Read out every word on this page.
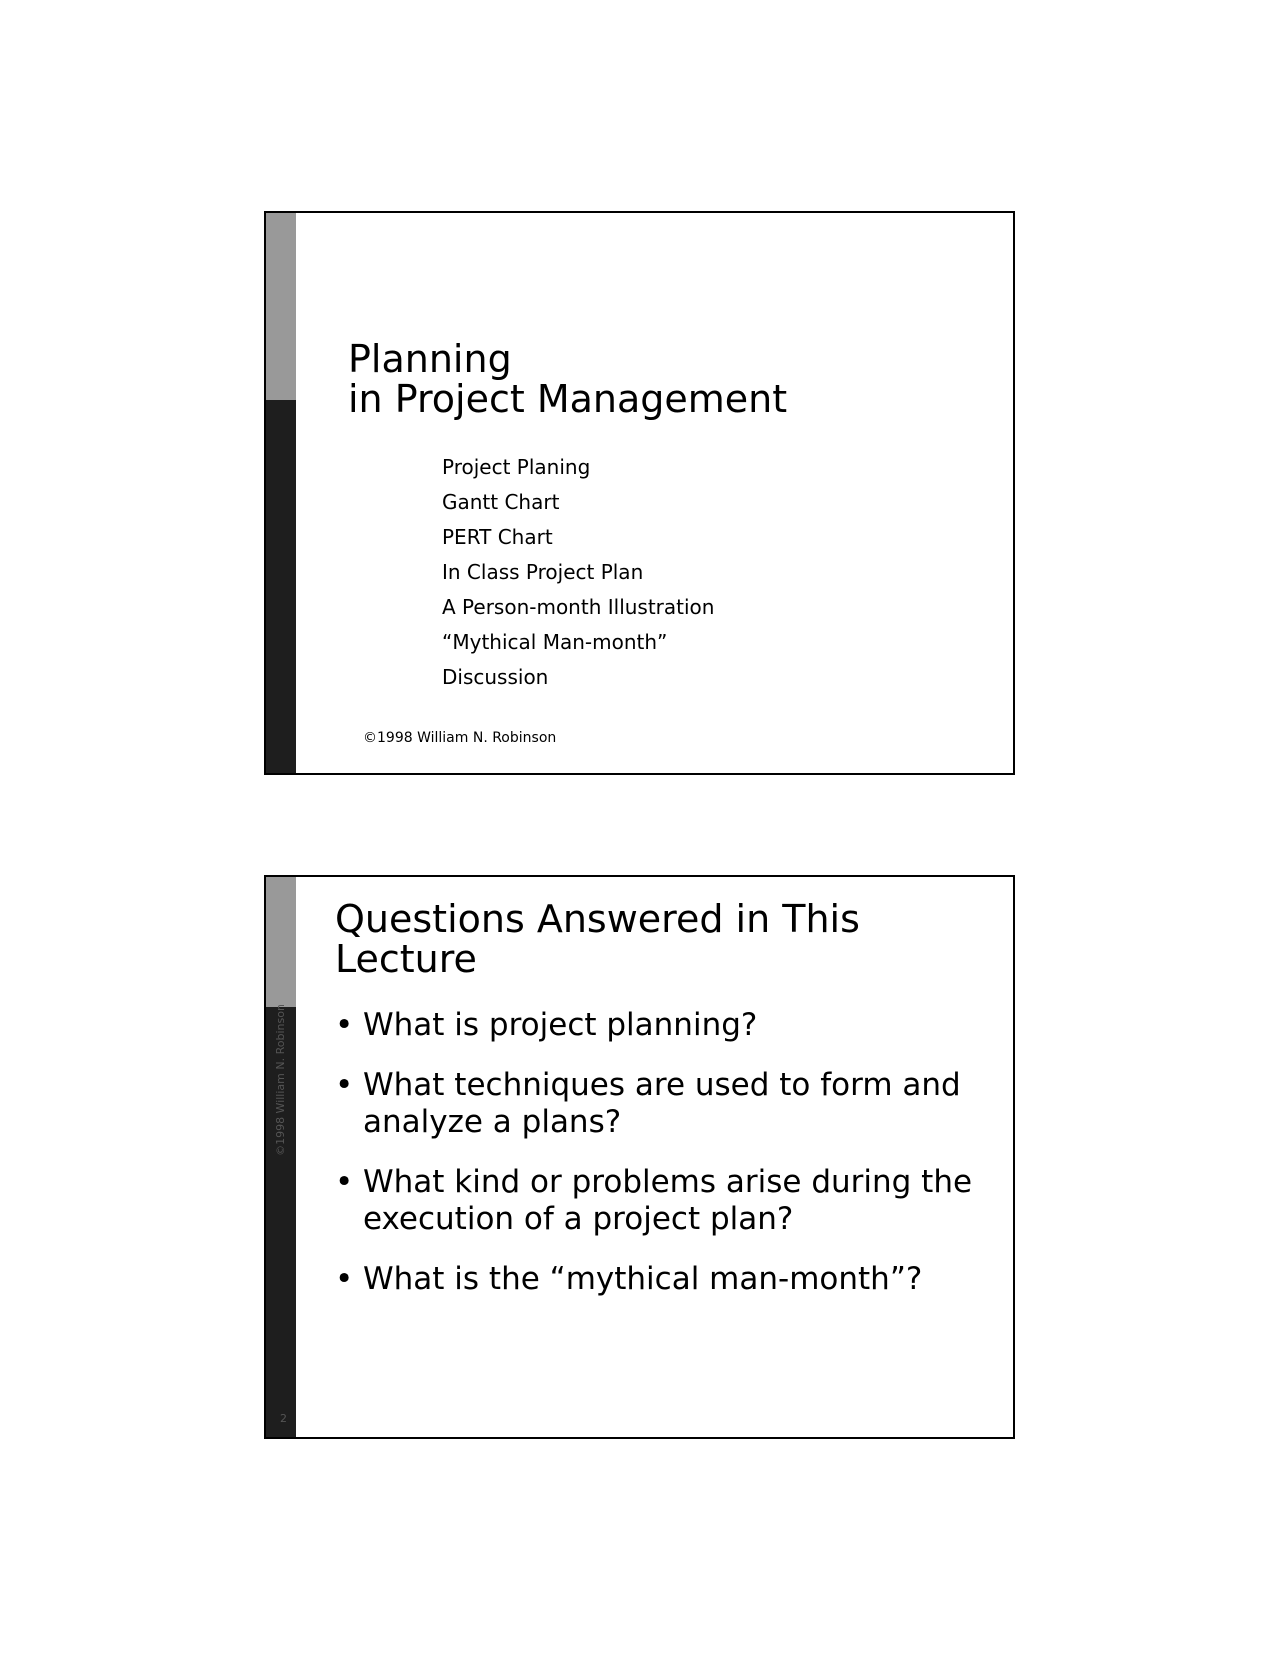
Planning
in Project Management
Project Planing
Gantt Chart
PERT Chart
In Class Project Plan
A Person-month Illustration
“Mythical Man-month”
Discussion
©1998 William N. Robinson
©1998 William N. Robinson
2
Questions Answered in This Lecture
• What is project planning?
• What techniques are used to form and analyze a plans?
• What kind or problems arise during the execution of a project plan?
• What is the “mythical man-month”?
